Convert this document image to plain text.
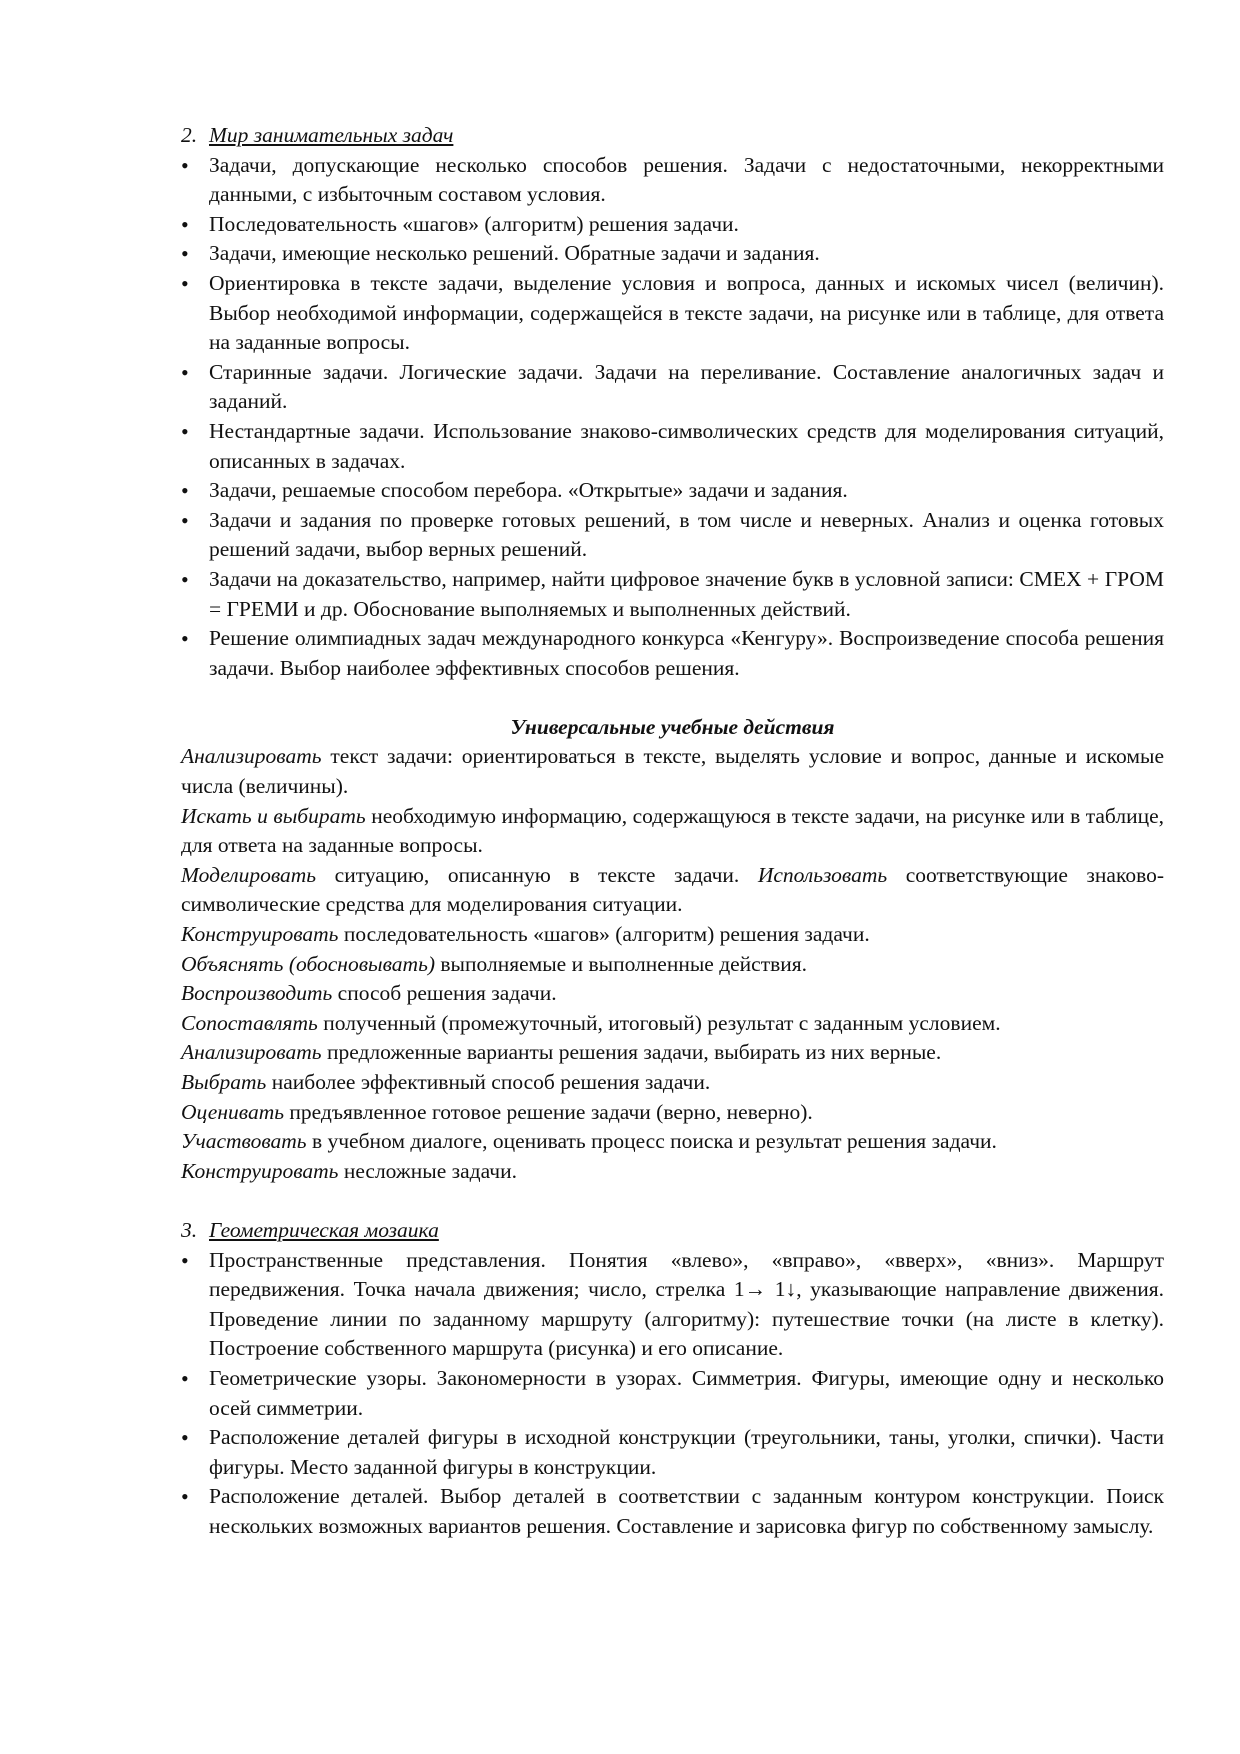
2. Мир занимательных задач
• Задачи, допускающие несколько способов решения. Задачи с недостаточными, некорректными данными, с избыточным составом условия.
• Последовательность «шагов» (алгоритм) решения задачи.
• Задачи, имеющие несколько решений. Обратные задачи и задания.
• Ориентировка в тексте задачи, выделение условия и вопроса, данных и искомых чисел (величин). Выбор необходимой информации, содержащейся в тексте задачи, на рисунке или в таблице, для ответа на заданные вопросы.
• Старинные задачи. Логические задачи. Задачи на переливание. Составление аналогичных задач и заданий.
• Нестандартные задачи. Использование знаково-символических средств для моделирования ситуаций, описанных в задачах.
• Задачи, решаемые способом перебора. «Открытые» задачи и задания.
• Задачи и задания по проверке готовых решений, в том числе и неверных. Анализ и оценка готовых решений задачи, выбор верных решений.
• Задачи на доказательство, например, найти цифровое значение букв в условной записи: СМЕХ + ГРОМ = ГРЕМИ и др. Обоснование выполняемых и выполненных действий.
• Решение олимпиадных задач международного конкурса «Кенгуру». Воспроизведение способа решения задачи. Выбор наиболее эффективных способов решения.
Универсальные учебные действия

Анализировать текст задачи: ориентироваться в тексте, выделять условие и вопрос, данные и искомые числа (величины).

Искать и выбирать необходимую информацию, содержащуюся в тексте задачи, на рисунке или в таблице, для ответа на заданные вопросы.

Моделировать ситуацию, описанную в тексте задачи. Использовать соответствующие знаково-символические средства для моделирования ситуации.

Конструировать последовательность «шагов» (алгоритм) решения задачи.

Объяснять (обосновывать) выполняемые и выполненные действия.

Воспроизводить способ решения задачи.

Сопоставлять полученный (промежуточный, итоговый) результат с заданным условием.

Анализировать предложенные варианты решения задачи, выбирать из них верные.

Выбрать наиболее эффективный способ решения задачи.

Оценивать предъявленное готовое решение задачи (верно, неверно).

Участвовать в учебном диалоге, оценивать процесс поиска и результат решения задачи.

Конструировать несложные задачи.

3. Геометрическая мозаика
• Пространственные представления. Понятия «влево», «вправо», «вверх», «вниз». Маршрут передвижения. Точка начала движения; число, стрелка 1→ 1↓, указывающие направление движения. Проведение линии по заданному маршруту (алгоритму): путешествие точки (на листе в клетку). Построение собственного маршрута (рисунка) и его описание.
• Геометрические узоры. Закономерности в узорах. Симметрия. Фигуры, имеющие одну и несколько осей симметрии.
• Расположение деталей фигуры в исходной конструкции (треугольники, таны, уголки, спички). Части фигуры. Место заданной фигуры в конструкции.
• Расположение деталей. Выбор деталей в соответствии с заданным контуром конструкции. Поиск нескольких возможных вариантов решения. Составление и зарисовка фигур по собственному замыслу.
